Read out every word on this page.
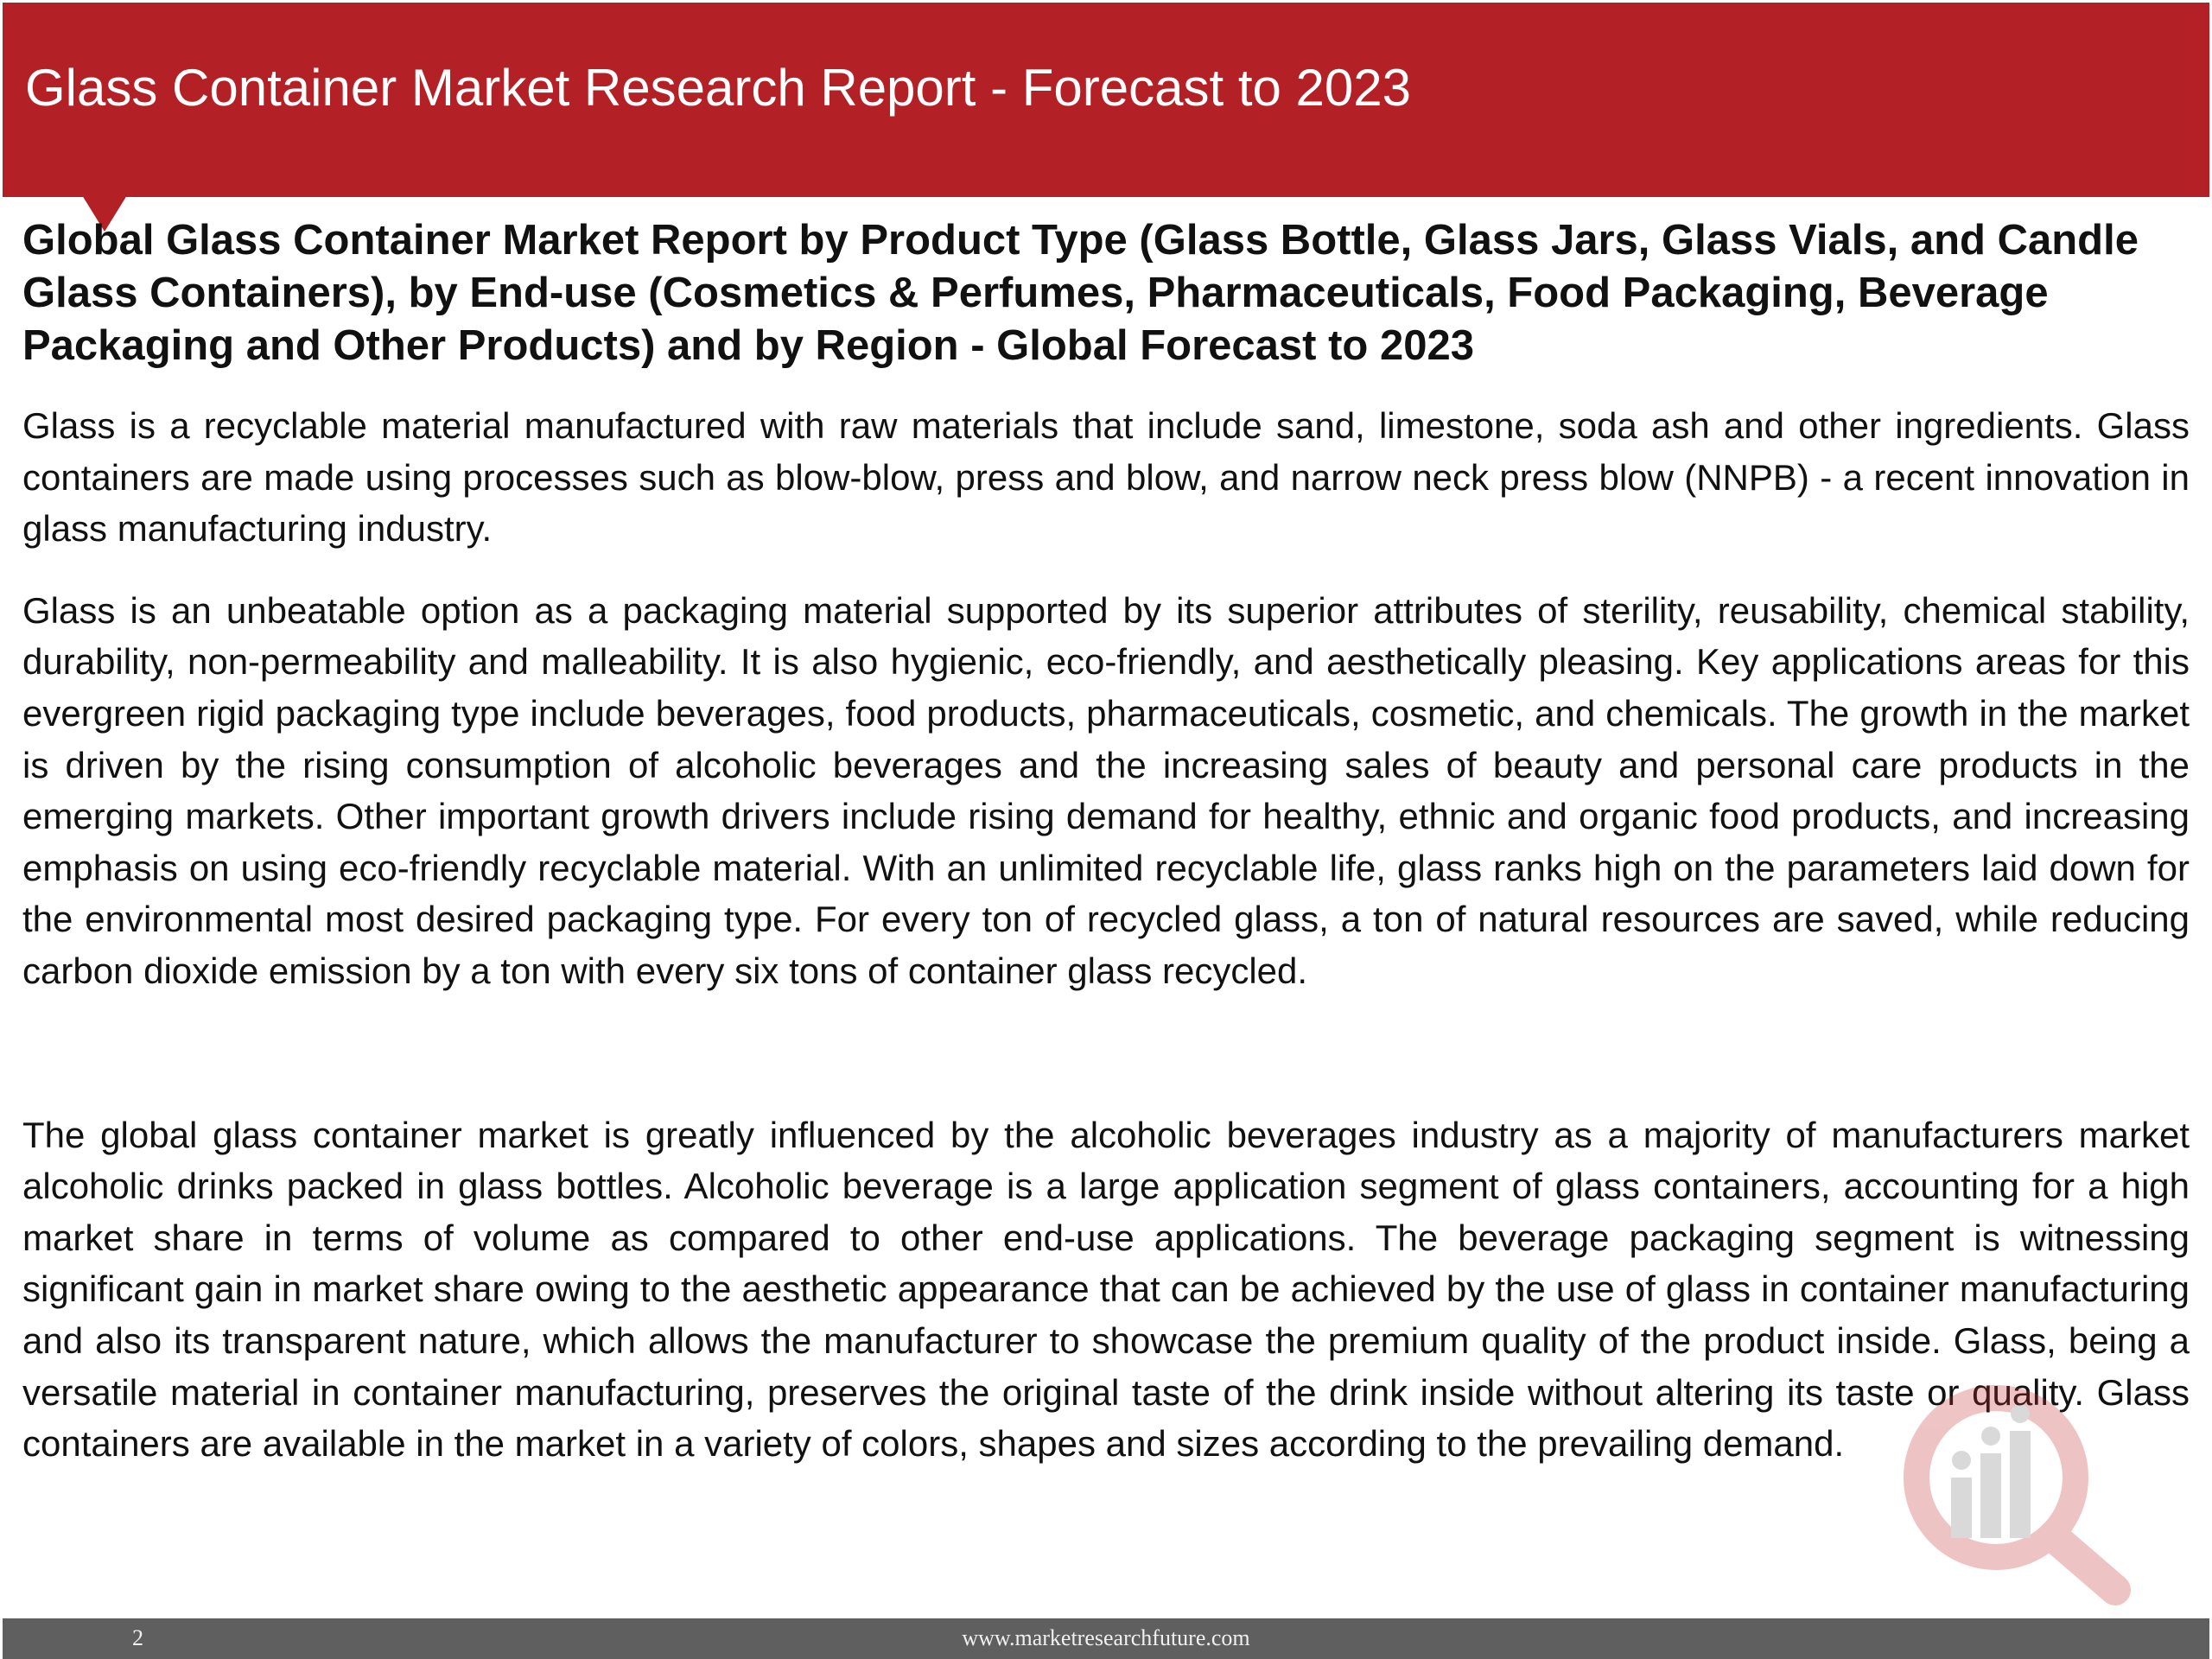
Glass Container Market Research Report - Forecast to 2023
Global Glass Container Market Report by Product Type (Glass Bottle, Glass Jars, Glass Vials, and Candle Glass Containers), by End-use (Cosmetics & Perfumes, Pharmaceuticals, Food Packaging, Beverage Packaging and Other Products) and by Region - Global Forecast to 2023

Glass is a recyclable material manufactured with raw materials that include sand, limestone, soda ash and other ingredients. Glass containers are made using processes such as blow-blow, press and blow, and narrow neck press blow (NNPB) - a recent innovation in glass manufacturing industry.

Glass is an unbeatable option as a packaging material supported by its superior attributes of sterility, reusability, chemical stability, durability, non-permeability and malleability. It is also hygienic, eco-friendly, and aesthetically pleasing. Key applications areas for this evergreen rigid packaging type include beverages, food products, pharmaceuticals, cosmetic, and chemicals. The growth in the market is driven by the rising consumption of alcoholic beverages and the increasing sales of beauty and personal care products in the emerging markets. Other important growth drivers include rising demand for healthy, ethnic and organic food products, and increasing emphasis on using eco-friendly recyclable material. With an unlimited recyclable life, glass ranks high on the parameters laid down for the environmental most desired packaging type. For every ton of recycled glass, a ton of natural resources are saved, while reducing carbon dioxide emission by a ton with every six tons of container glass recycled.

The global glass container market is greatly influenced by the alcoholic beverages industry as a majority of manufacturers market alcoholic drinks packed in glass bottles. Alcoholic beverage is a large application segment of glass containers, accounting for a high market share in terms of volume as compared to other end-use applications. The beverage packaging segment is witnessing significant gain in market share owing to the aesthetic appearance that can be achieved by the use of glass in container manufacturing and also its transparent nature, which allows the manufacturer to showcase the premium quality of the product inside. Glass, being a versatile material in container manufacturing, preserves the original taste of the drink inside without altering its taste or quality. Glass containers are available in the market in a variety of colors, shapes and sizes according to the prevailing demand.

2	www.marketresearchfuture.com
